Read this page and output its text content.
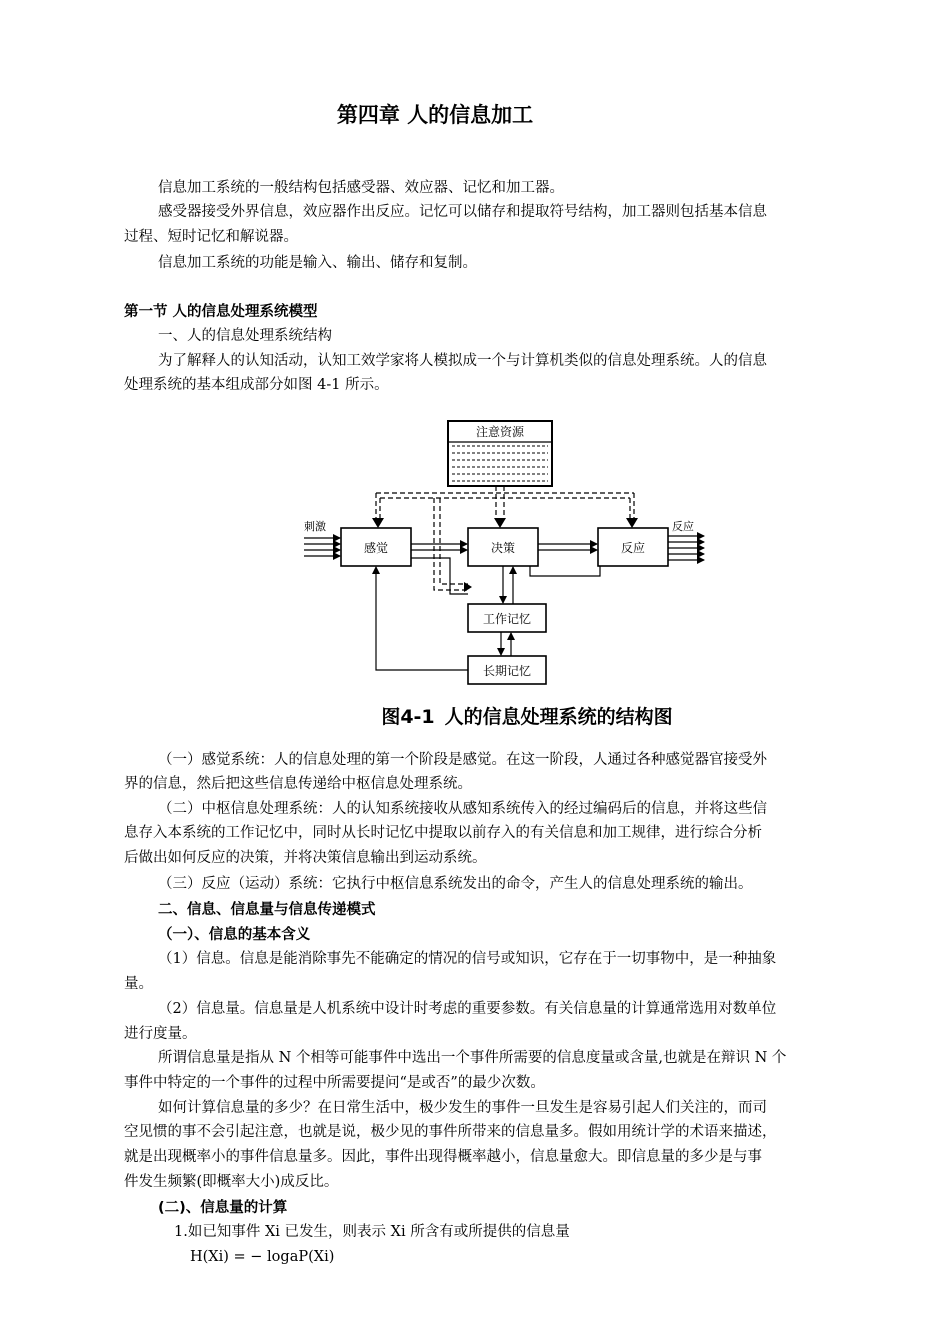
第四章 人的信息加工
信息加工系统的一般结构包括感受器、效应器、记忆和加工器。
感受器接受外界信息，效应器作出反应。记忆可以储存和提取符号结构，加工器则包括基本信息
过程、短时记忆和解说器。
信息加工系统的功能是输入、输出、储存和复制。
第一节 人的信息处理系统模型
一、人的信息处理系统结构
为了解释人的认知活动，认知工效学家将人模拟成一个与计算机类似的信息处理系统。人的信息
处理系统的基本组成部分如图 4-1 所示。
注意资源
感觉	决策	反应
刺激	反应
工作记忆
长期记忆
图4-1 人的信息处理系统的结构图
（一）感觉系统：人的信息处理的第一个阶段是感觉。在这一阶段，人通过各种感觉器官接受外
界的信息，然后把这些信息传递给中枢信息处理系统。
（二）中枢信息处理系统：人的认知系统接收从感知系统传入的经过编码后的信息，并将这些信
息存入本系统的工作记忆中，同时从长时记忆中提取以前存入的有关信息和加工规律，进行综合分析
后做出如何反应的决策，并将决策信息输出到运动系统。
（三）反应（运动）系统：它执行中枢信息系统发出的命令，产生人的信息处理系统的输出。
二、信息、信息量与信息传递模式
（一）、信息的基本含义
（1）信息。信息是能消除事先不能确定的情况的信号或知识，它存在于一切事物中，是一种抽象
量。
（2）信息量。信息量是人机系统中设计时考虑的重要参数。有关信息量的计算通常选用对数单位
进行度量。
所谓信息量是指从 N 个相等可能事件中选出一个事件所需要的信息度量或含量,也就是在辩识 N 个
事件中特定的一个事件的过程中所需要提问“是或否”的最少次数。
如何计算信息量的多少？在日常生活中，极少发生的事件一旦发生是容易引起人们关注的，而司
空见惯的事不会引起注意，也就是说，极少见的事件所带来的信息量多。假如用统计学的术语来描述，
就是出现概率小的事件信息量多。因此，事件出现得概率越小，信息量愈大。即信息量的多少是与事
件发生频繁(即概率大小)成反比。
(二)、信息量的计算
1.如已知事件 Xi 已发生，则表示 Xi 所含有或所提供的信息量
H(Xi) = − logaP(Xi)
